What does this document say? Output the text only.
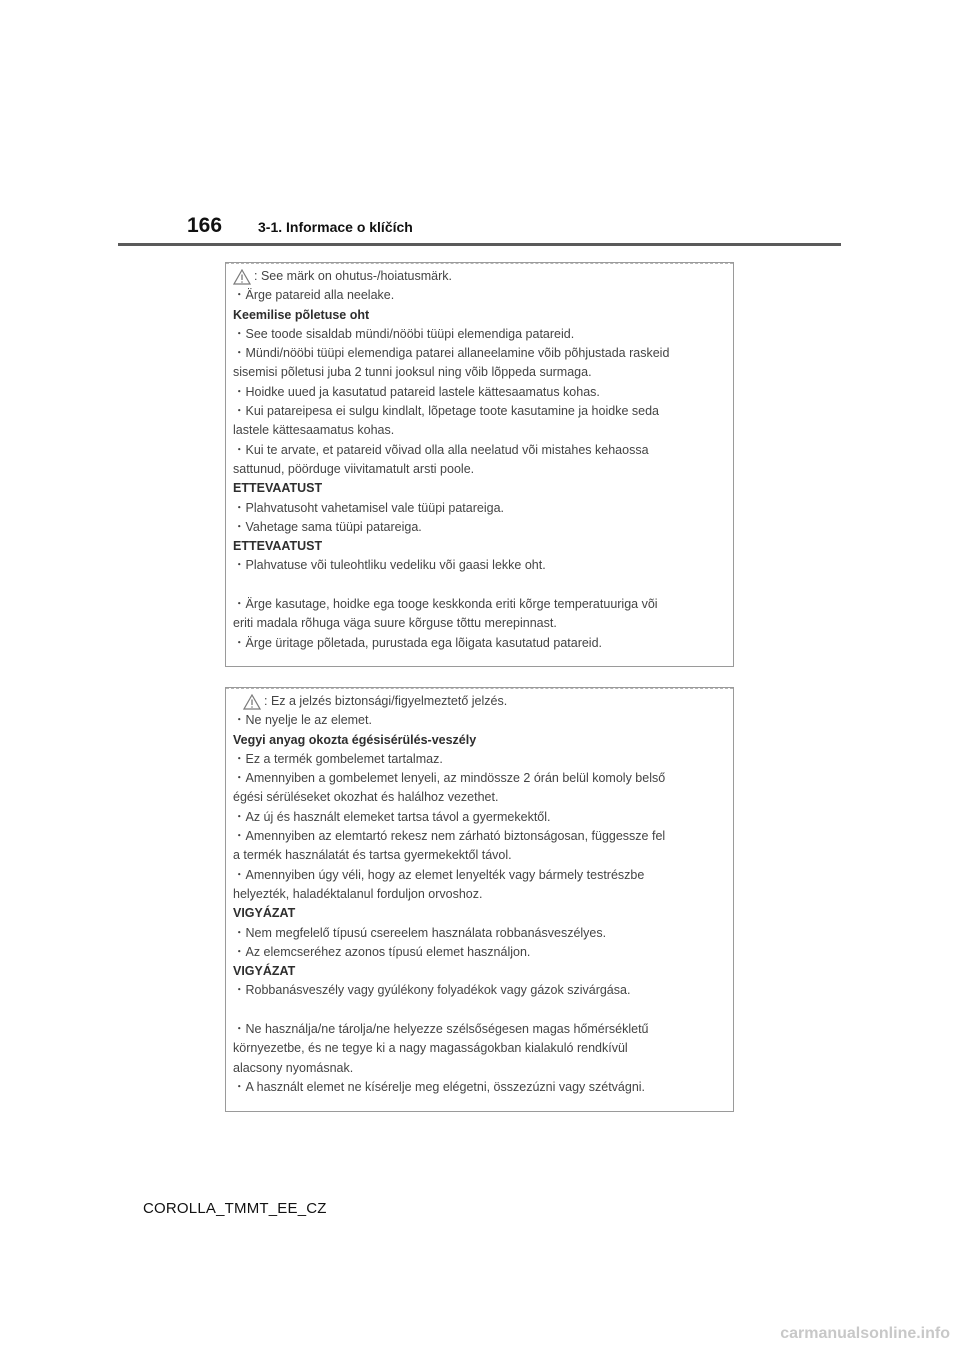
166	3-1. Informace o klíčích
: See märk on ohutus-/hoiatusmärk.
・Ärge patareid alla neelake.
Keemilise põletuse oht
・See toode sisaldab mündi/nööbi tüüpi elemendiga patareid.
・Mündi/nööbi tüüpi elemendiga patarei allaneelamine võib põhjustada raskeid
sisemisi põletusi juba 2 tunni jooksul ning võib lõppeda surmaga.
・Hoidke uued ja kasutatud patareid lastele kättesaamatus kohas.
・Kui patareipesa ei sulgu kindlalt, lõpetage toote kasutamine ja hoidke seda
lastele kättesaamatus kohas.
・Kui te arvate, et patareid võivad olla alla neelatud või mistahes kehaossa
sattunud, pöörduge viivitamatult arsti poole.
ETTEVAATUST
・Plahvatusoht vahetamisel vale tüüpi patareiga.
・Vahetage sama tüüpi patareiga.
ETTEVAATUST
・Plahvatuse või tuleohtliku vedeliku või gaasi lekke oht.
・Ärge kasutage, hoidke ega tooge keskkonda eriti kõrge temperatuuriga või
eriti madala rõhuga väga suure kõrguse tõttu merepinnast.
・Ärge üritage põletada, purustada ega lõigata kasutatud patareid.
: Ez a jelzés biztonsági/figyelmeztető jelzés.
・Ne nyelje le az elemet.
Vegyi anyag okozta égésisérülés-veszély
・Ez a termék gombelemet tartalmaz.
・Amennyiben a gombelemet lenyeli, az mindössze 2 órán belül komoly belső
égési sérüléseket okozhat és halálhoz vezethet.
・Az új és használt elemeket tartsa távol a gyermekektől.
・Amennyiben az elemtartó rekesz nem zárható biztonságosan, függessze fel
a termék használatát és tartsa gyermekektől távol.
・Amennyiben úgy véli, hogy az elemet lenyelték vagy bármely testrészbe
helyezték, haladéktalanul forduljon orvoshoz.
VIGYÁZAT
・Nem megfelelő típusú csereelem használata robbanásveszélyes.
・Az elemcseréhez azonos típusú elemet használjon.
VIGYÁZAT
・Robbanásveszély vagy gyúlékony folyadékok vagy gázok szivárgása.
・Ne használja/ne tárolja/ne helyezze szélsőségesen magas hőmérsékletű
környezetbe, és ne tegye ki a nagy magasságokban kialakuló rendkívül
alacsony nyomásnak.
・A használt elemet ne kísérelje meg elégetni, összezúzni vagy szétvágni.
COROLLA_TMMT_EE_CZ
carmanualsonline.info
